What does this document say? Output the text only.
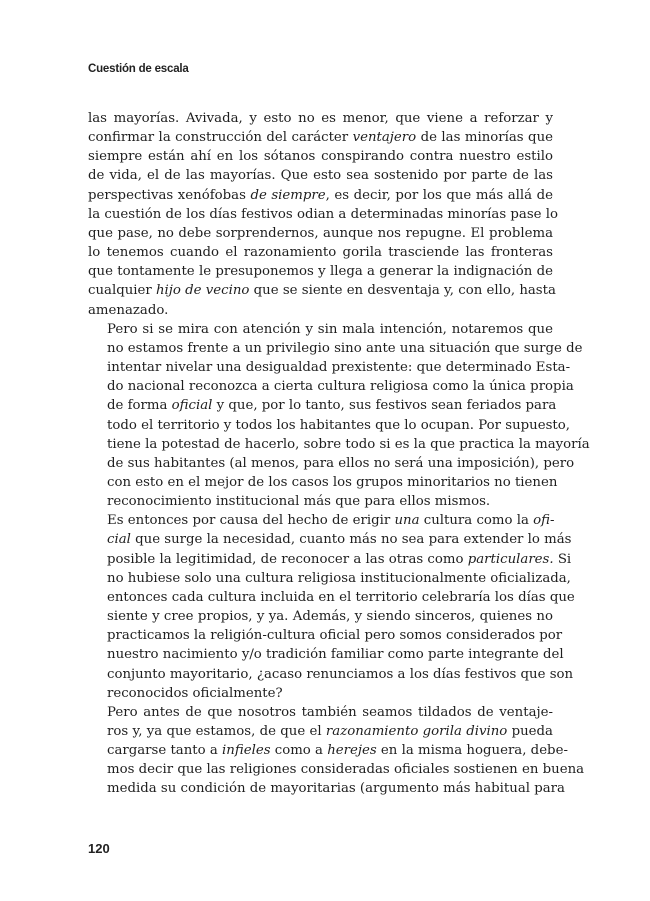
Cuestión de escala

las mayorías. Avivada, y esto no es menor, que viene a reforzar y
confirmar la construcción del carácter ventajero de las minorías que
siempre están ahí en los sótanos conspirando contra nuestro estilo
de vida, el de las mayorías. Que esto sea sostenido por parte de las
perspectivas xenófobas de siempre, es decir, por los que más allá de
la cuestión de los días festivos odian a determinadas minorías pase lo
que pase, no debe sorprendernos, aunque nos repugne. El problema
lo tenemos cuando el razonamiento gorila trasciende las fronteras
que tontamente le presuponemos y llega a generar la indignación de
cualquier hijo de vecino que se siente en desventaja y, con ello, hasta
amenazado.

Pero si se mira con atención y sin mala intención, notaremos que
no estamos frente a un privilegio sino ante una situación que surge de
intentar nivelar una desigualdad prexistente: que determinado Esta-
do nacional reconozca a cierta cultura religiosa como la única propia
de forma oficial y que, por lo tanto, sus festivos sean feriados para
todo el territorio y todos los habitantes que lo ocupan. Por supuesto,
tiene la potestad de hacerlo, sobre todo si es la que practica la mayoría
de sus habitantes (al menos, para ellos no será una imposición), pero
con esto en el mejor de los casos los grupos minoritarios no tienen
reconocimiento institucional más que para ellos mismos.

Es entonces por causa del hecho de erigir una cultura como la ofi-
cial que surge la necesidad, cuanto más no sea para extender lo más
posible la legitimidad, de reconocer a las otras como particulares. Si
no hubiese solo una cultura religiosa institucionalmente oficializada,
entonces cada cultura incluida en el territorio celebraría los días que
siente y cree propios, y ya. Además, y siendo sinceros, quienes no
practicamos la religión-cultura oficial pero somos considerados por
nuestro nacimiento y/o tradición familiar como parte integrante del
conjunto mayoritario, ¿acaso renunciamos a los días festivos que son
reconocidos oficialmente?

Pero antes de que nosotros también seamos tildados de ventaje-
ros y, ya que estamos, de que el razonamiento gorila divino pueda
cargarse tanto a infieles como a herejes en la misma hoguera, debe-
mos decir que las religiones consideradas oficiales sostienen en buena
medida su condición de mayoritarias (argumento más habitual para

120
